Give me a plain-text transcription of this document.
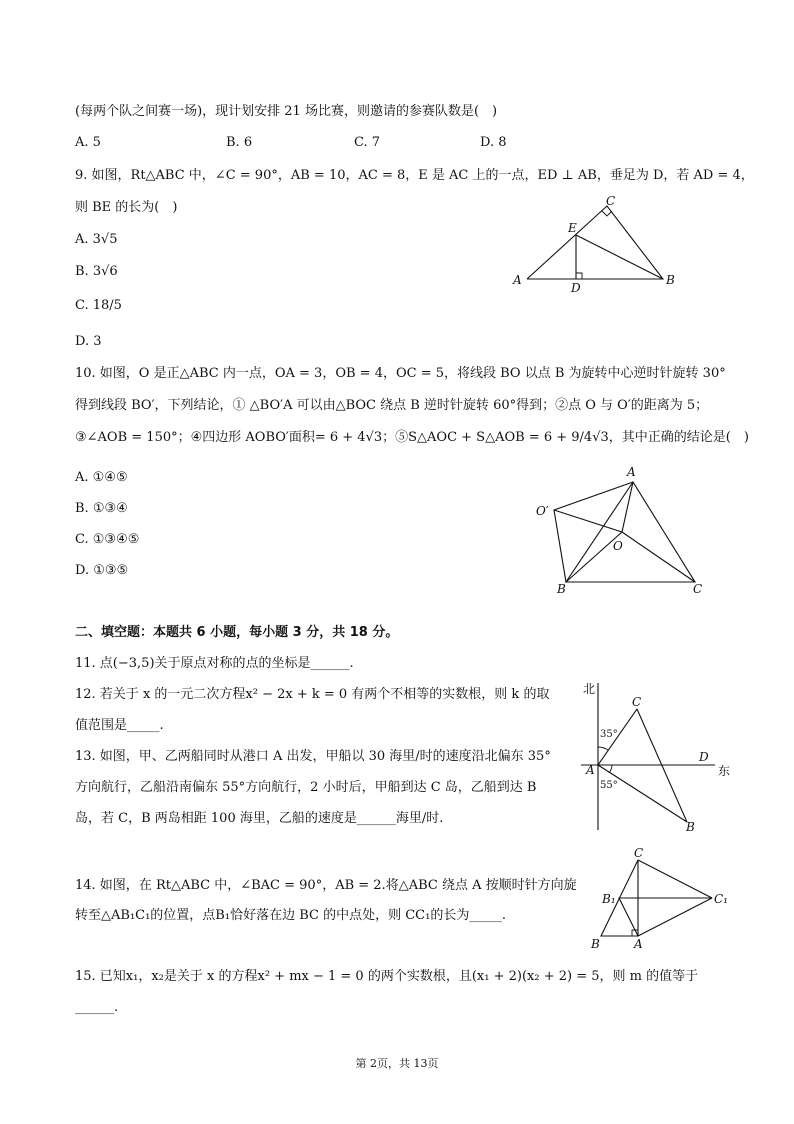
(每两个队之间赛一场)，现计划安排 21 场比赛，则邀请的参赛队数是( )
A. 5	B. 6	C. 7	D. 8
9. 如图，Rt△ABC 中，∠C = 90°，AB = 10，AC = 8，E 是 AC 上的一点，ED ⊥ AB，垂足为 D，若 AD = 4，
则 BE 的长为( )
A. 3√5
B. 3√6
C. 18/5
D. 3
A	B
C
D
E
10. 如图，O 是正△ABC 内一点，OA = 3，OB = 4，OC = 5，将线段 BO 以点 B 为旋转中心逆时针旋转 30°
得到线段 BO′，下列结论，① △BO′A 可以由△BOC 绕点 B 逆时针旋转 60°得到；②点 O 与 O′的距离为 5；
③∠AOB = 150°；④四边形 AOBO′面积= 6 + 4√3；⑤S△AOC + S△AOB = 6 + 9/4√3，其中正确的结论是( )
A. ①④⑤
B. ①③④
C. ①③④⑤
D. ①③⑤
A
B	C
O
O′
二、填空题：本题共 6 小题，每小题 3 分，共 18 分。
11. 点(−3,5)关于原点对称的点的坐标是______.
12. 若关于 x 的一元二次方程x² − 2x + k = 0 有两个不相等的实数根，则 k 的取
值范围是_____.
13. 如图，甲、乙两船同时从港口 A 出发，甲船以 30 海里/时的速度沿北偏东 35°
方向航行，乙船沿南偏东 55°方向航行，2 小时后，甲船到达 C 岛，乙船到达 B
岛，若 C，B 两岛相距 100 海里，乙船的速度是______海里/时.
北
东
C
D
A
B
35°
55°
14. 如图，在 Rt△ABC 中，∠BAC = 90°，AB = 2.将△ABC 绕点 A 按顺时针方向旋
转至△AB₁C₁的位置，点B₁恰好落在边 BC 的中点处，则 CC₁的长为_____.
C
B	A
B₁	C₁
15. 已知x₁，x₂是关于 x 的方程x² + mx − 1 = 0 的两个实数根，且(x₁ + 2)(x₂ + 2) = 5，则 m 的值等于
______.
第 2页，共 13页
